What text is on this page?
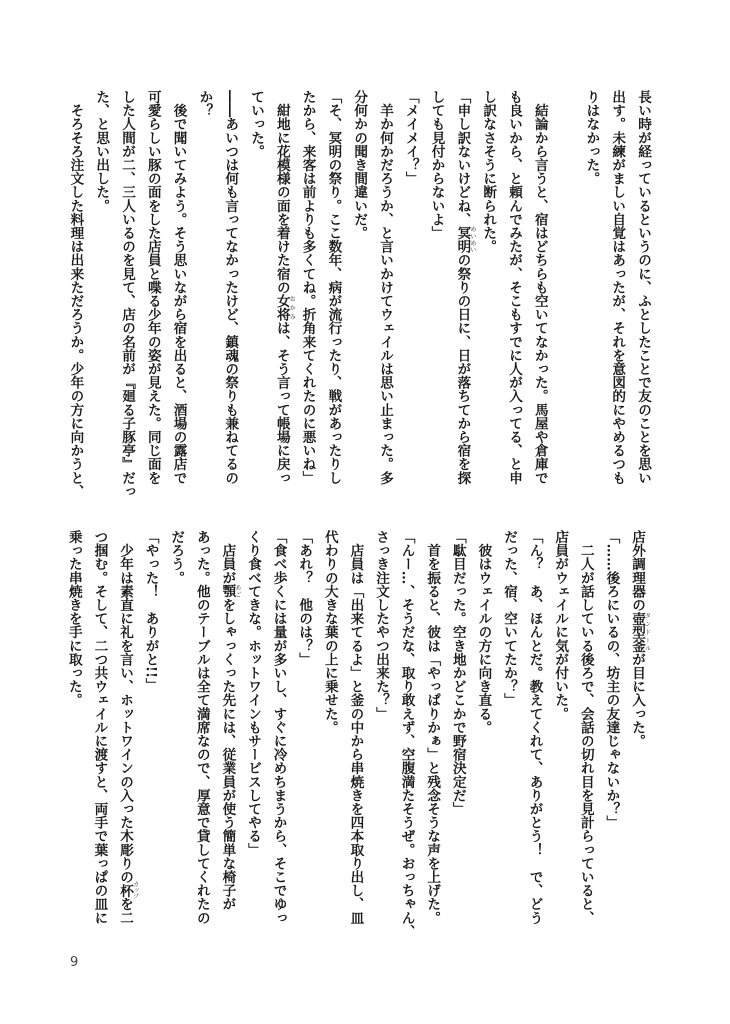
長い時が経っているというのに、ふとしたことで友のことを思い
出す。未練がましい自覚はあったが、それを意図的にやめるつも
りはなかった。
　結論から言うと、宿はどちらも空いてなかった。馬屋や倉庫で
も良いから、と頼んでみたが、そこもすでに人が入ってる、と申
し訳なさそうに断られた。
「申し訳ないけどね、冥明めいめいの祭りの日に、日が落ちてから宿を探
しても見付からないよ」
「メイメイ？」
　羊か何かだろうか、と言いかけてウェイルは思い止まった。多
分何かの聞き間違いだ。
「そ、冥明の祭り。ここ数年、病が流行ったり、戦があったりし
たから、来客は前よりも多くてね。折角来てくれたのに悪いね」
　紺地に花模様の面を着けた宿の女将おかみは、そう言って帳場に戻っ
ていった。
――あいつは何も言ってなかったけど、鎮魂の祭りも兼ねてるの
か？
　後で聞いてみよう。そう思いながら宿を出ると、酒場の露店で
可愛らしい豚の面をした店員と喋る少年の姿が見えた。同じ面を
した人間が二、三人いるのを見て、店の名前が『廻る子豚亭』だっ
た、と思い出した。
　そろそろ注文した料理は出来ただろうか。少年の方に向かうと、
店外調理器の壺型釜タンドールが目に入った。
「……後ろにいるの、坊主の友達じゃないか？」
　二人が話している後ろで、会話の切れ目を見計らっていると、
店員がウェイルに気が付いた。
「ん？　あ、ほんとだ。教えてくれて、ありがとう！　で、どう
だった、宿、空いてたか？」
　彼はウェイルの方に向き直る。
「駄目だった。空き地かどこかで野宿決定だ」
　首を振ると、彼は「やっぱりかぁ」と残念そうな声を上げた。
「んー…、そうだな、取り敢えず、空腹満たそうぜ。おっちゃん、
さっき注文したやつ出来た？」
　店員は「出来てるよ」と釜の中から串焼きを四本取り出し、皿
代わりの大きな葉の上に乗せた。
「あれ？　他のは？」
「食べ歩くには量が多いし、すぐに冷めちまうから、そこでゆっ
くり食べてきな。ホットワインもサービスしてやる」
　店員が顎あごをしゃっくった先には、従業員が使う簡単な椅子が
あった。他のテーブルは全て満席なので、厚意で貸してくれたの
だろう。
「やった！　ありがと!!」
　少年は素直に礼を言い、ホットワインの入った木彫りの杯カップを二
つ掴む。そして、二つ共ウェイルに渡すと、両手で葉っぱの皿に
乗った串焼きを手に取った。
9
